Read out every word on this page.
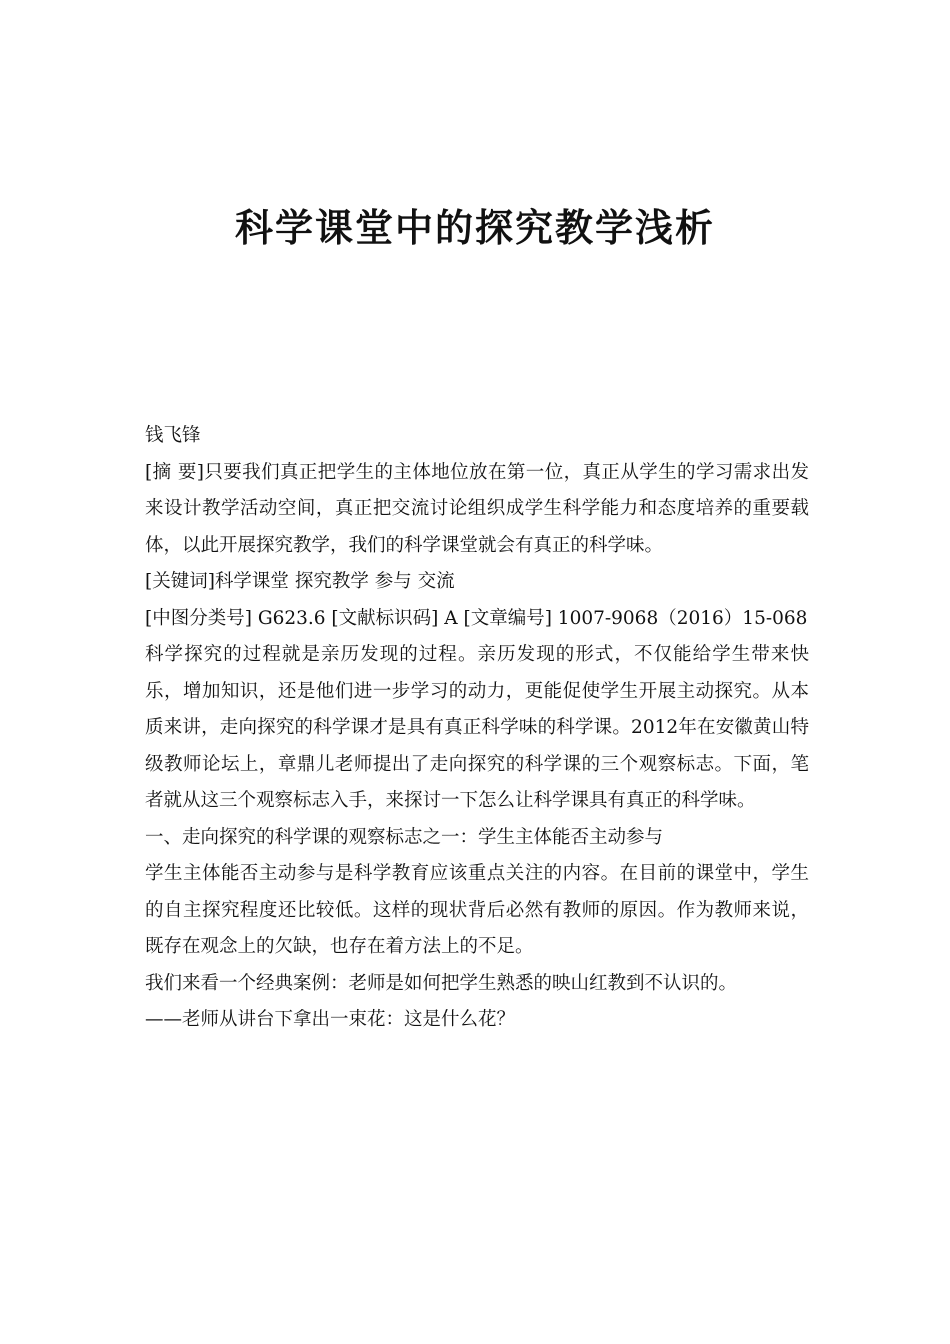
科学课堂中的探究教学浅析

钱飞锋

[摘 要]只要我们真正把学生的主体地位放在第一位，真正从学生的学习需求出发来设计教学活动空间，真正把交流讨论组织成学生科学能力和态度培养的重要载体，以此开展探究教学，我们的科学课堂就会有真正的科学味。

[关键词]科学课堂 探究教学 参与 交流

[中图分类号] G623.6 [文献标识码] A [文章编号] 1007-9068（2016）15-068

科学探究的过程就是亲历发现的过程。亲历发现的形式，不仅能给学生带来快乐，增加知识，还是他们进一步学习的动力，更能促使学生开展主动探究。从本质来讲，走向探究的科学课才是具有真正科学味的科学课。2012年在安徽黄山特级教师论坛上，章鼎儿老师提出了走向探究的科学课的三个观察标志。下面，笔者就从这三个观察标志入手，来探讨一下怎么让科学课具有真正的科学味。

一、走向探究的科学课的观察标志之一：学生主体能否主动参与

学生主体能否主动参与是科学教育应该重点关注的内容。在目前的课堂中，学生的自主探究程度还比较低。这样的现状背后必然有教师的原因。作为教师来说，既存在观念上的欠缺，也存在着方法上的不足。

我们来看一个经典案例：老师是如何把学生熟悉的映山红教到不认识的。

——老师从讲台下拿出一束花：这是什么花？
